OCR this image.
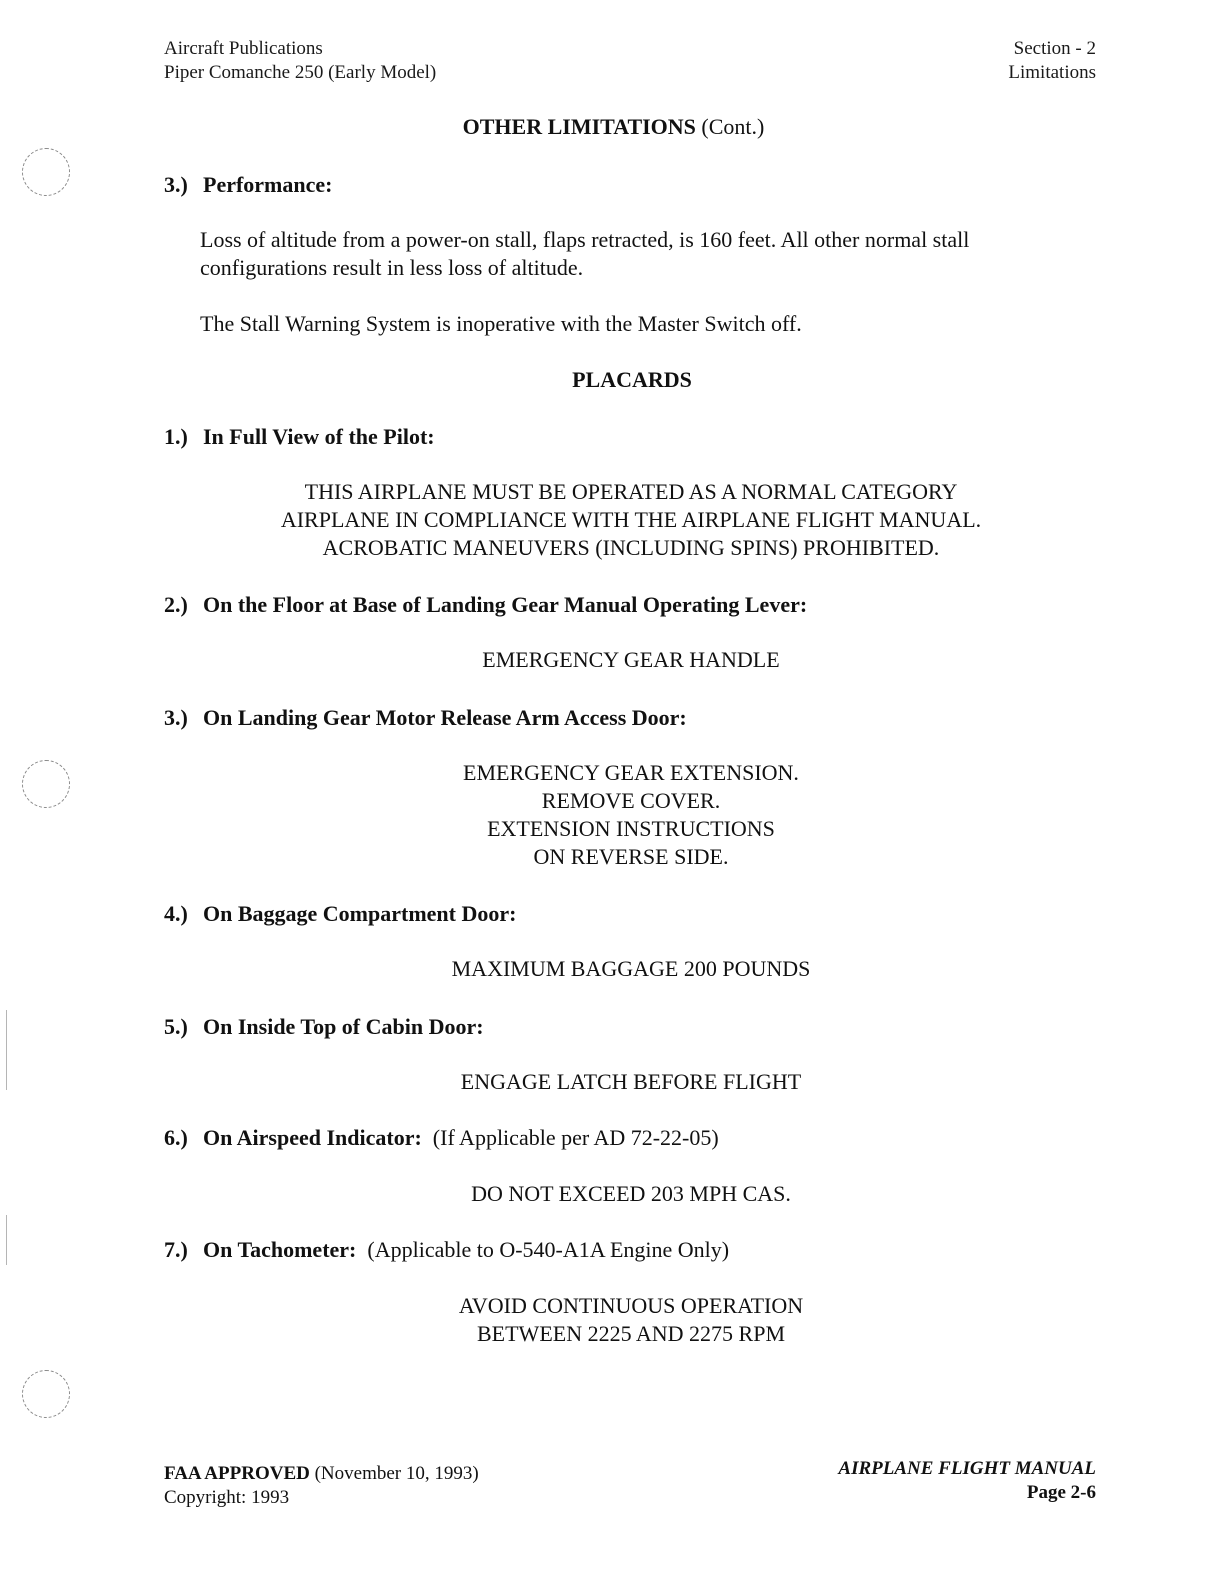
Aircraft Publications
Piper Comanche 250 (Early Model)
Section - 2
Limitations
OTHER LIMITATIONS (Cont.)
3.) Performance:
Loss of altitude from a power-on stall, flaps retracted, is 160 feet. All other normal stall configurations result in less loss of altitude.
The Stall Warning System is inoperative with the Master Switch off.
PLACARDS
1.) In Full View of the Pilot:
THIS AIRPLANE MUST BE OPERATED AS A NORMAL CATEGORY
AIRPLANE IN COMPLIANCE WITH THE AIRPLANE FLIGHT MANUAL.
ACROBATIC MANEUVERS (INCLUDING SPINS) PROHIBITED.
2.) On the Floor at Base of Landing Gear Manual Operating Lever:
EMERGENCY GEAR HANDLE
3.) On Landing Gear Motor Release Arm Access Door:
EMERGENCY GEAR EXTENSION.
REMOVE COVER.
EXTENSION INSTRUCTIONS
ON REVERSE SIDE.
4.) On Baggage Compartment Door:
MAXIMUM BAGGAGE 200 POUNDS
5.) On Inside Top of Cabin Door:
ENGAGE LATCH BEFORE FLIGHT
6.) On Airspeed Indicator: (If Applicable per AD 72-22-05)
DO NOT EXCEED 203 MPH CAS.
7.) On Tachometer: (Applicable to O-540-A1A Engine Only)
AVOID CONTINUOUS OPERATION
BETWEEN 2225 AND 2275 RPM
FAA APPROVED (November 10, 1993)
Copyright: 1993
AIRPLANE FLIGHT MANUAL
Page 2-6
